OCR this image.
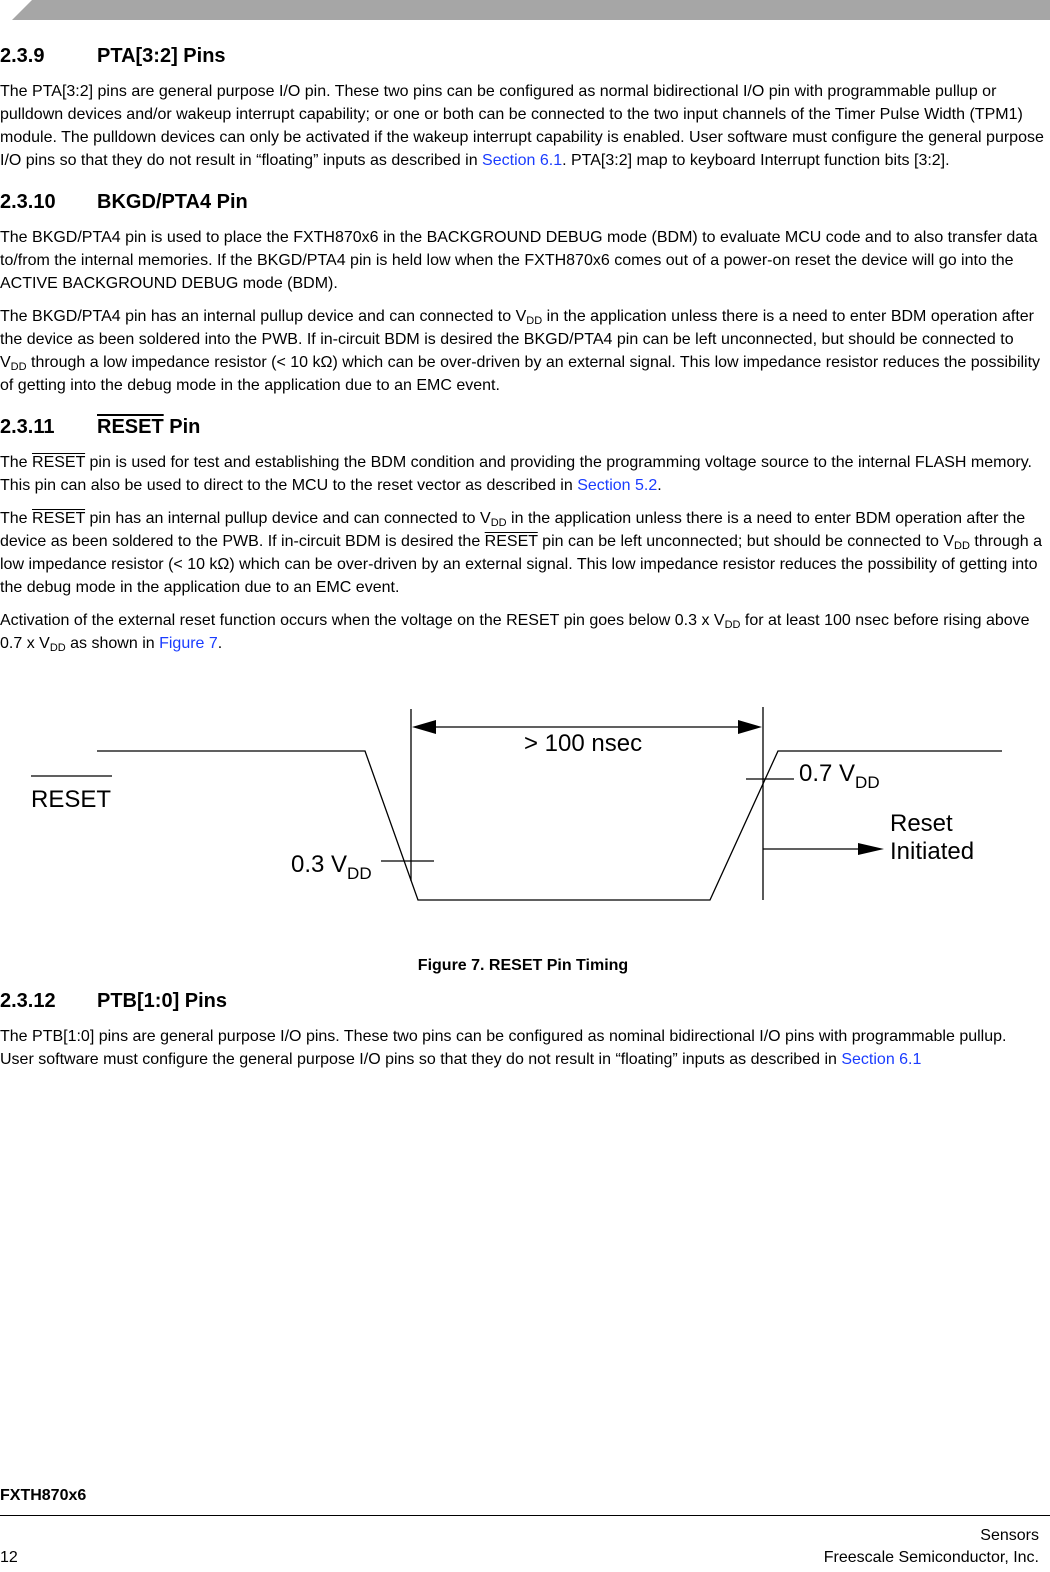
2.3.9	PTA[3:2] Pins

The PTA[3:2] pins are general purpose I/O pin. These two pins can be configured as normal bidirectional I/O pin with programmable pullup or pulldown devices and/or wakeup interrupt capability; or one or both can be connected to the two input channels of the Timer Pulse Width (TPM1) module. The pulldown devices can only be activated if the wakeup interrupt capability is enabled. User software must configure the general purpose I/O pins so that they do not result in “floating” inputs as described in Section 6.1. PTA[3:2] map to keyboard Interrupt function bits [3:2].

2.3.10 BKGD/PTA4 Pin

The BKGD/PTA4 pin is used to place the FXTH870x6 in the BACKGROUND DEBUG mode (BDM) to evaluate MCU code and to also transfer data to/from the internal memories. If the BKGD/PTA4 pin is held low when the FXTH870x6 comes out of a power-on reset the device will go into the ACTIVE BACKGROUND DEBUG mode (BDM).

The BKGD/PTA4 pin has an internal pullup device and can connected to $V_{DD}$ in the application unless there is a need to enter BDM operation after the device as been soldered into the PWB. If in-circuit BDM is desired the BKGD/PTA4 pin can be left unconnected, but should be connected to $V_{DD}$ through a low impedance resistor (< 10 kΩ) which can be over-driven by an external signal. This low impedance resistor reduces the possibility of getting into the debug mode in the application due to an EMC event.

2.3.11 RESET Pin

The RESET pin is used for test and establishing the BDM condition and providing the programming voltage source to the internal FLASH memory. This pin can also be used to direct to the MCU to the reset vector as described in Section 5.2.

The RESET pin has an internal pullup device and can connected to $V_{DD}$ in the application unless there is a need to enter BDM operation after the device as been soldered to the PWB. If in-circuit BDM is desired the RESET pin can be left unconnected; but should be connected to $V_{DD}$ through a low impedance resistor (< 10 kΩ) which can be over-driven by an external signal. This low impedance resistor reduces the possibility of getting into the debug mode in the application due to an EMC event.

Activation of the external reset function occurs when the voltage on the RESET pin goes below 0.3 x $V_{DD}$ for at least 100 nsec before rising above 0.7 x $V_{DD}$ as shown in Figure 7.

RESET
> 100 nsec
0.7 $V_{DD}$
0.3 $V_{DD}$
Reset
Initiated
Figure 7. RESET Pin Timing
2.3.12 PTB[1:0] Pins

The PTB[1:0] pins are general purpose I/O pins. These two pins can be configured as nominal bidirectional I/O pins with programmable pullup. User software must configure the general purpose I/O pins so that they do not result in “floating” inputs as described in Section 6.1

FXTH870x6
Sensors
12	Freescale Semiconductor, Inc.
